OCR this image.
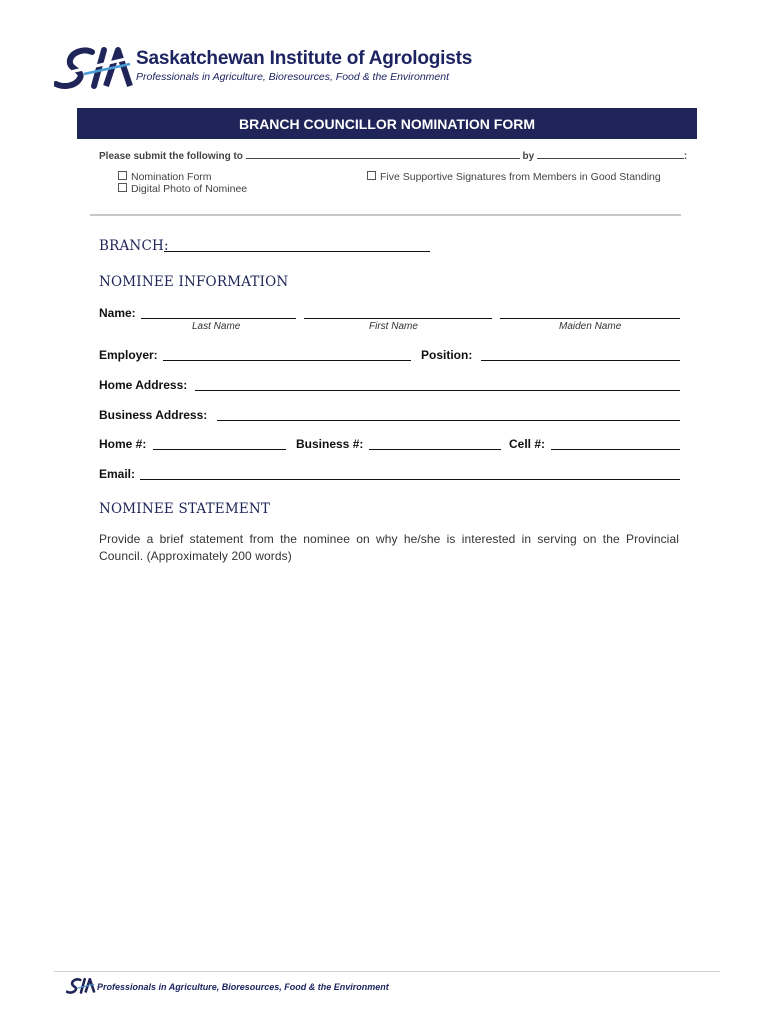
Saskatchewan Institute of Agrologists
Professionals in Agriculture, Bioresources, Food & the Environment
BRANCH COUNCILLOR NOMINATION FORM
Please submit the following to	by	:
Nomination Form
Digital Photo of Nominee
Five Supportive Signatures from Members in Good Standing
BRANCH:
NOMINEE INFORMATION
Name:
Last Name	First Name	Maiden Name
Employer:	Position:
Home Address:
Business Address:
Home #:	Business #:	Cell #:
Email:
NOMINEE STATEMENT
Provide a brief statement from the nominee on why he/she is interested in serving on the Provincial Council. (Approximately 200 words)
Professionals in Agriculture, Bioresources, Food & the Environment
